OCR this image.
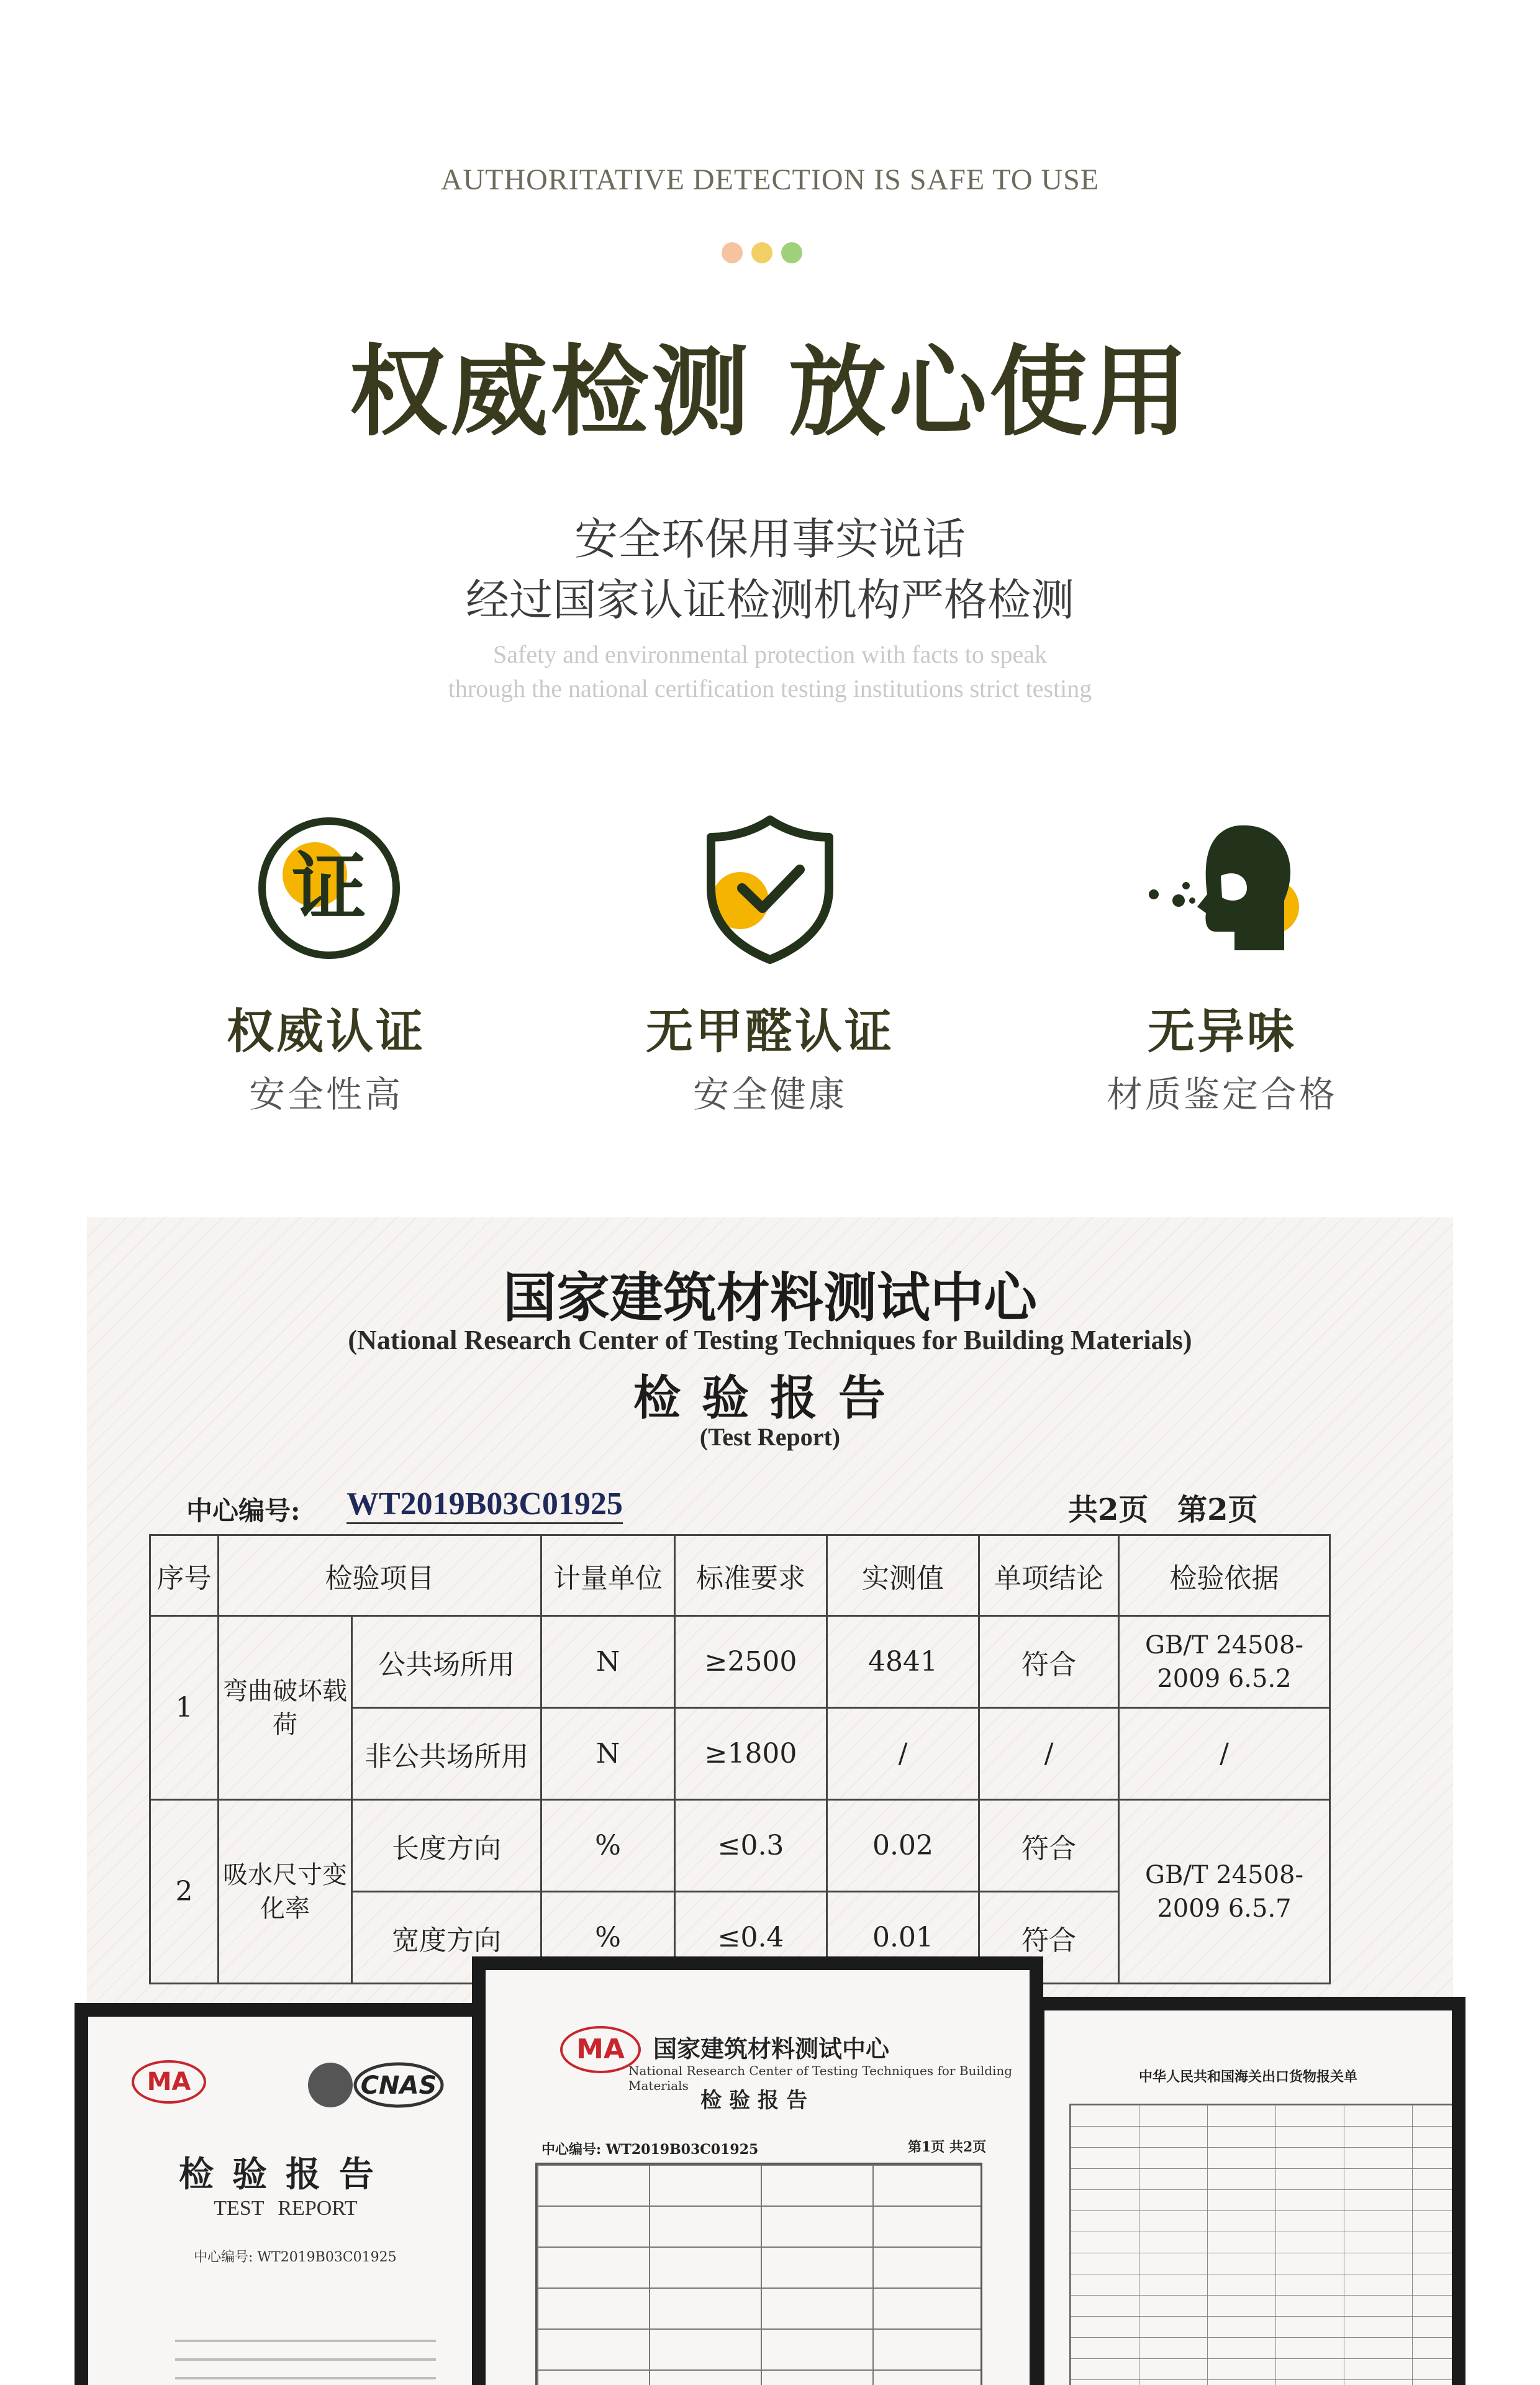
AUTHORITATIVE DETECTION IS SAFE TO USE
权威检测 放心使用
安全环保用事实说话
经过国家认证检测机构严格检测
Safety and environmental protection with facts to speak
through the national certification testing institutions strict testing
证
权威认证
安全性高
无甲醛认证
安全健康
无异味
材质鉴定合格
国家建筑材料测试中心
(National Research Center of Testing Techniques for Building Materials)
检验报告
(Test Report)
中心编号: WT2019B03C01925	共2页 第2页
序号	检验项目		计量单位	标准要求	实测值	单项结论	检验依据
1	弯曲破坏载荷	公共场所用	N	≥2500	4841	符合	GB/T 24508-2009 6.5.2
		非公共场所用	N	≥1800	/	/	/
2	吸水尺寸变化率	长度方向	%	≤0.3	0.02	符合	GB/T 24508-2009 6.5.7
		宽度方向	%	≤0.4	0.01	符合	
MA	CNAS
检验报告
TEST REPORT
中心编号: WT2019B03C01925
MA	国家建筑材料测试中心
National Research Center of Testing Techniques for Building Materials
检验报告
中心编号: WT2019B03C01925	第1页 共2页
中华人民共和国海关出口货物报关单
